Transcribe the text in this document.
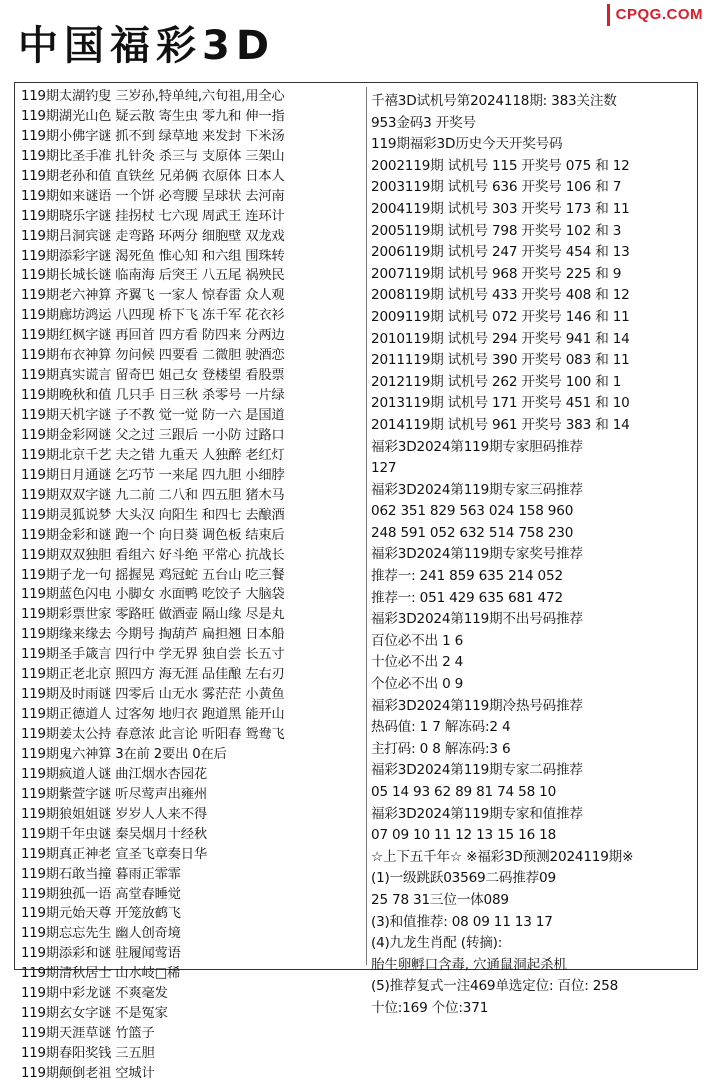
CPQG.COM
中国福彩3D
119期太湖钓叟 三岁孙,特单纯,六旬祖,用全心
119期湖光山色 疑云散 寄生虫 零九和 伸一指
119期小佛字谜 抓不到 绿草地 来发封 下米汤
119期比圣手准 扎针灸 杀三与 支原体 三架山
119期老孙和值 直铁丝 兄弟俩 衣原体 日本人
119期如来谜语 一个饼 必弯腰 呈球状 去河南
119期晓乐字谜 挂拐杖 七六现 周武王 连环计
119期吕洞宾谜 走弯路 环两分 细胞壁 双龙戏
119期添彩字谜 渴死鱼 惟心知 和六组 围珠转
119期长城长谜 临南海 后突王 八五尾 祸殃民
119期老六神算 齐翼飞 一家人 惊春雷 众人观
119期廊坊鸿运 八四现 桥下飞 冻千军 花衣衫
119期红枫字谜 再回首 四方看 防四来 分两边
119期布衣神算 勿问候 四要看 二微胆 驶酒恋
119期真实谎言 留奇巴 姐己女 登楼望 看股票
119期晚秋和值 几只手 日三秋 杀零号 一片绿
119期天机字谜 子不教 觉一觉 防一六 是国道
119期金彩网谜 父之过 三跟后 一小防 过路口
119期北京千艺 夫之错 九重天 人独醉 老红灯
119期日月通谜 乞巧节 一来尾 四九胆 小细脖
119期双双字谜 九二前 二八和 四五胆 猪木马
119期灵狐说梦 大头汉 向阳生 和四七 去酿酒
119期金彩和谜 跑一个 向日葵 调色板 结束后
119期双双独胆 看组六 好斗绝 平常心 抗战长
119期子龙一句 摇握晃 鸡冠蛇 五台山 吃三餐
119期蓝色闪电 小脚女 水面鸭 吃饺子 大脑袋
119期彩票世家 零路旺 做酒壶 隔山缘 尽是丸
119期缘来缘去 今期号 掏葫芦 扁担翘 日本船
119期圣手箴言 四行中 学无界 独自尝 长五寸
119期正老北京 照四方 海无涯 品佳酿 左右刃
119期及时雨谜 四零后 山无水 雾茫茫 小黄鱼
119期正德道人 过客匆 地归衣 跑道黑 能开山
119期姜太公持 春意浓 此言论 听阳春 鸳鸯飞
119期鬼六神算 3在前 2要出 0在后
119期疯道人谜 曲江烟水杏园花
119期紫萱字谜 听尽莺声出雍州
119期狼姐姐谜 岁岁人人来不得
119期千年虫谜 秦吴烟月十经秋
119期真正神老 宣圣飞章奏日华
119期石敢当撞 暮雨正霏霏
119期独孤一语 高堂春睡觉
119期元始天尊 开笼放鹤飞
119期忘忘先生 幽人创奇境
119期添彩和谜 驻履闻莺语
119期清秋居士 山水岐□稀
119期中彩龙谜 不爽毫发
119期玄女字谜 不是冤家
119期天涯草谜 竹篮子
119期春阳奖钱 三五胆
119期颠倒老祖 空城计
千禧3D试机号第2024118期: 383关注数
953金码3 开奖号
119期福彩3D历史今天开奖号码
2002119期 试机号 115 开奖号 075 和 12
2003119期 试机号 636 开奖号 106 和 7
2004119期 试机号 303 开奖号 173 和 11
2005119期 试机号 798 开奖号 102 和 3
2006119期 试机号 247 开奖号 454 和 13
2007119期 试机号 968 开奖号 225 和 9
2008119期 试机号 433 开奖号 408 和 12
2009119期 试机号 072 开奖号 146 和 11
2010119期 试机号 294 开奖号 941 和 14
2011119期 试机号 390 开奖号 083 和 11
2012119期 试机号 262 开奖号 100 和 1
2013119期 试机号 171 开奖号 451 和 10
2014119期 试机号 961 开奖号 383 和 14
福彩3D2024第119期专家胆码推荐
127
福彩3D2024第119期专家三码推荐
062 351 829 563 024 158 960
248 591 052 632 514 758 230
福彩3D2024第119期专家奖号推荐
推荐一: 241 859 635 214 052
推荐一: 051 429 635 681 472
福彩3D2024第119期不出号码推荐
百位必不出 1 6
十位必不出 2 4
个位必不出 0 9
福彩3D2024第119期冷热号码推荐
热码值: 1 7 解冻码:2 4
主打码: 0 8 解冻码:3 6
福彩3D2024第119期专家二码推荐
05 14 93 62 89 81 74 58 10
福彩3D2024第119期专家和值推荐
07 09 10 11 12 13 15 16 18
☆上下五千年☆ ※福彩3D预测2024119期※
(1)一级跳跃03569二码推荐09
25 78 31三位一体089
(3)和值推荐: 08 09 11 13 17
(4)九龙生肖配 (转摘):
胎生卵孵口含毒, 穴通鼠洞起杀机
(5)推荐复式一注469单选定位: 百位: 258
十位:169 个位:371
